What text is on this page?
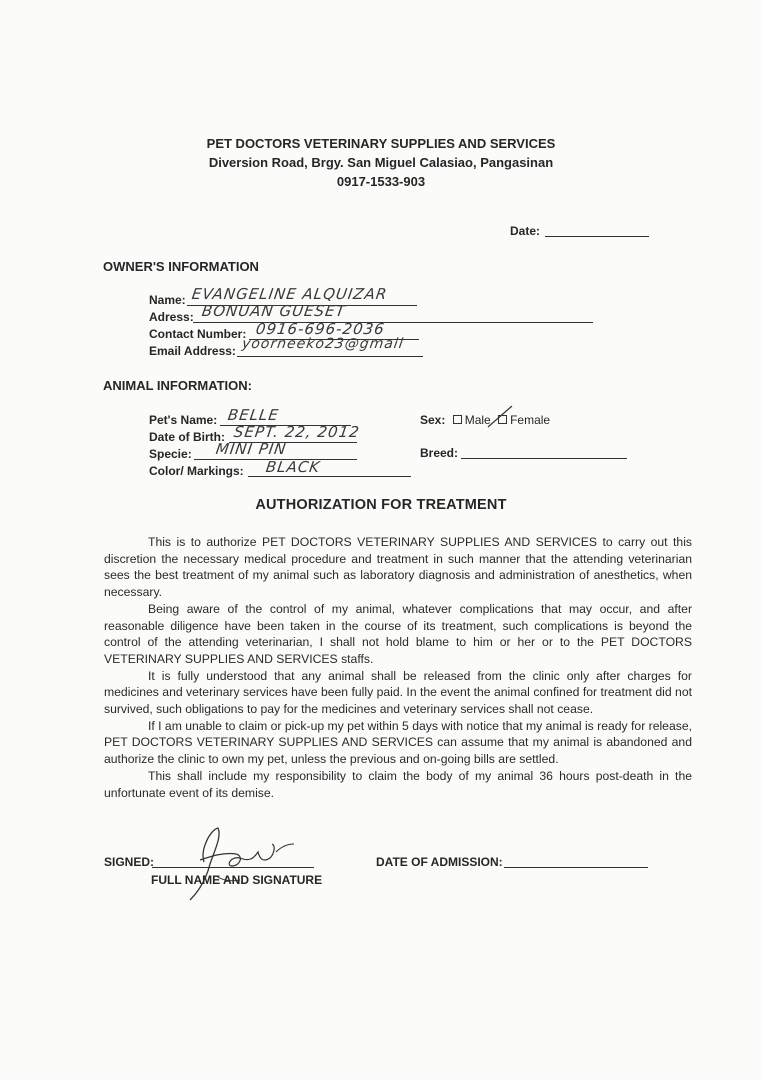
PET DOCTORS VETERINARY SUPPLIES AND SERVICES
Diversion Road, Brgy. San Miguel Calasiao, Pangasinan
0917-1533-903
Date:
OWNER'S INFORMATION
Name: EVANGELINE ALQUIZAR
Adress: BONUAN GUESET
Contact Number: 0916-696-2036
Email Address: yoorneeko23@gmail
ANIMAL INFORMATION:
Pet's Name: BELLE
Date of Birth: SEPT. 22, 2012
Specie: MINI PIN
Color/ Markings: BLACK
Sex: Male Female
Breed:
AUTHORIZATION FOR TREATMENT

This is to authorize PET DOCTORS VETERINARY SUPPLIES AND SERVICES to carry out this discretion the necessary medical procedure and treatment in such manner that the attending veterinarian sees the best treatment of my animal such as laboratory diagnosis and administration of anesthetics, when necessary.

Being aware of the control of my animal, whatever complications that may occur, and after reasonable diligence have been taken in the course of its treatment, such complications is beyond the control of the attending veterinarian, I shall not hold blame to him or her or to the PET DOCTORS VETERINARY SUPPLIES AND SERVICES staffs.

It is fully understood that any animal shall be released from the clinic only after charges for medicines and veterinary services have been fully paid. In the event the animal confined for treatment did not survived, such obligations to pay for the medicines and veterinary services shall not cease.

If I am unable to claim or pick-up my pet within 5 days with notice that my animal is ready for release, PET DOCTORS VETERINARY SUPPLIES AND SERVICES can assume that my animal is abandoned and authorize the clinic to own my pet, unless the previous and on-going bills are settled.

This shall include my responsibility to claim the body of my animal 36 hours post-death in the unfortunate event of its demise.

SIGNED:
FULL NAME AND SIGNATURE
DATE OF ADMISSION:
